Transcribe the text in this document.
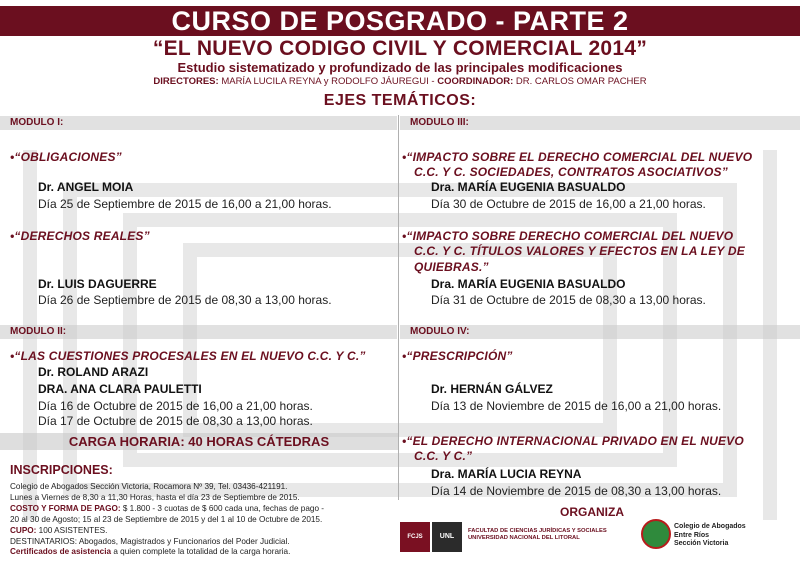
CURSO DE POSGRADO - PARTE 2
“EL NUEVO CODIGO CIVIL Y COMERCIAL 2014”
Estudio sistematizado y profundizado de las principales modificaciones
DIRECTORES: MARÍA LUCILA REYNA y RODOLFO JÁUREGUI - COORDINADOR: DR. CARLOS OMAR PACHER
EJES TEMÁTICOS:
MODULO I:
•“OBLIGACIONES”
Dr. ANGEL MOIA
Día 25 de Septiembre de 2015 de 16,00 a 21,00 horas.
•“DERECHOS REALES”
Dr. LUIS DAGUERRE
Día 26 de Septiembre de 2015 de 08,30 a 13,00 horas.
MODULO II:
•“LAS CUESTIONES PROCESALES EN EL NUEVO C.C. Y C.”
Dr. ROLAND ARAZI
DRA. ANA CLARA PAULETTI
Día 16 de Octubre de 2015 de 16,00 a 21,00 horas.
Día 17 de Octubre de 2015 de 08,30 a 13,00 horas.
MODULO III:
•“IMPACTO SOBRE EL DERECHO COMERCIAL DEL NUEVO
C.C. Y C. SOCIEDADES, CONTRATOS ASOCIATIVOS”
Dra. MARÍA EUGENIA BASUALDO
Día 30 de Octubre de 2015 de 16,00 a 21,00 horas.
•“IMPACTO SOBRE DERECHO COMERCIAL DEL NUEVO
C.C. Y C. TÍTULOS VALORES Y EFECTOS EN LA LEY DE
QUIEBRAS.”
Dra. MARÍA EUGENIA BASUALDO
Día 31 de Octubre de 2015 de 08,30 a 13,00 horas.
MODULO IV:
•“PRESCRIPCIÓN”
Dr. HERNÁN GÁLVEZ
Día 13 de Noviembre de 2015 de 16,00 a 21,00 horas.
•“EL DERECHO INTERNACIONAL PRIVADO EN EL NUEVO
C.C. Y C.”
Dra. MARÍA LUCIA REYNA
Día 14 de Noviembre de 2015 de 08,30 a 13,00 horas.
CARGA HORARIA: 40 HORAS CÁTEDRAS
INSCRIPCIONES:
Colegio de Abogados Sección Victoria, Rocamora Nº 39, Tel. 03436-421191.
Lunes a Viernes de 8,30 a 11,30 Horas, hasta el día 23 de Septiembre de 2015.
COSTO Y FORMA DE PAGO: $ 1.800 - 3 cuotas de $ 600 cada una, fechas de pago -
20 al 30 de Agosto; 15 al 23 de Septiembre de 2015 y del 1 al 10 de Octubre de 2015.
CUPO: 100 ASISTENTES.
DESTINATARIOS: Abogados, Magistrados y Funcionarios del Poder Judicial.
Certificados de asistencia a quien complete la totalidad de la carga horaria.
ORGANIZA
FCJS	UNL
FACULTAD DE CIENCIAS JURÍDICAS Y SOCIALES
UNIVERSIDAD NACIONAL DEL LITORAL
Colegio de Abogados
Entre Ríos
Sección Victoria
